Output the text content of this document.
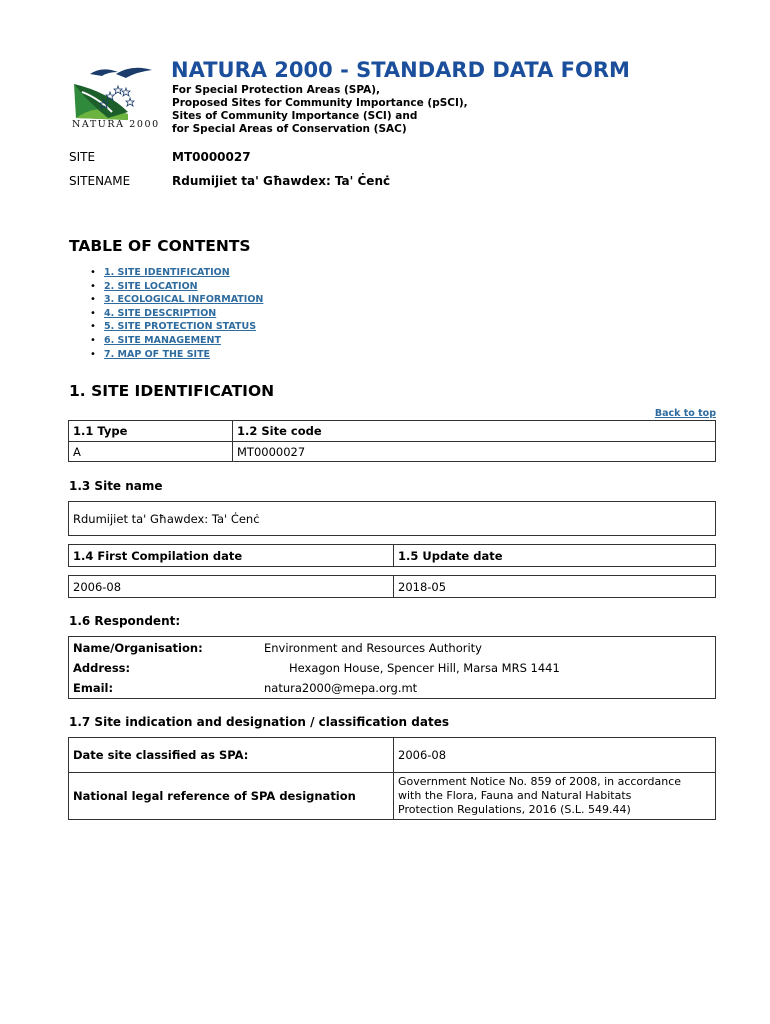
NATURA 2000
NATURA 2000 - STANDARD DATA FORM
For Special Protection Areas (SPA),
Proposed Sites for Community Importance (pSCI),
Sites of Community Importance (SCI) and
for Special Areas of Conservation (SAC)
SITE	MT0000027
SITENAME	Rdumijiet ta' Għawdex: Ta' Ċenċ
TABLE OF CONTENTS
• 1. SITE IDENTIFICATION
• 2. SITE LOCATION
• 3. ECOLOGICAL INFORMATION
• 4. SITE DESCRIPTION
• 5. SITE PROTECTION STATUS
• 6. SITE MANAGEMENT
• 7. MAP OF THE SITE
1. SITE IDENTIFICATION
Back to top
1.1 Type	1.2 Site code
A	MT0000027
1.3 Site name
Rdumijiet ta' Għawdex: Ta' Ċenċ
1.4 First Compilation date	1.5 Update date
2006-08	2018-05
1.6 Respondent:
Name/Organisation:	Environment and Resources Authority
Address:	Hexagon House, Spencer Hill, Marsa MRS 1441
Email:	natura2000@mepa.org.mt
1.7 Site indication and designation / classification dates
Date site classified as SPA:	2006-08
National legal reference of SPA designation	Government Notice No. 859 of 2008, in accordance
with the Flora, Fauna and Natural Habitats
Protection Regulations, 2016 (S.L. 549.44)
